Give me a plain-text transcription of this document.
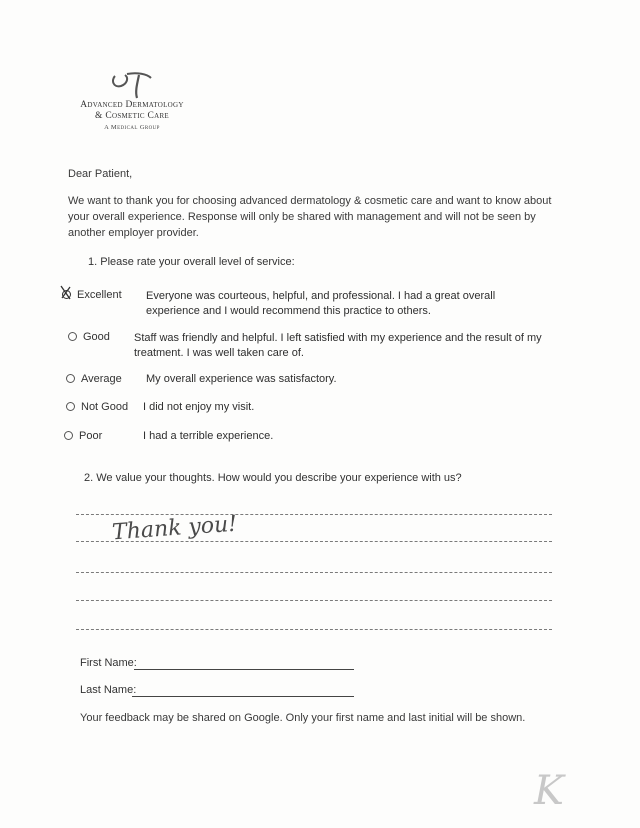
Advanced Dermatology
& Cosmetic Care
A Medical Group
Dear Patient,
We want to thank you for choosing advanced dermatology & cosmetic care and want to know about your overall experience. Response will only be shared with management and will not be seen by another employer provider.
1. Please rate your overall level of service:
Excellent Everyone was courteous, helpful, and professional. I had a great overall experience and I would recommend this practice to others.
Good Staff was friendly and helpful. I left satisfied with my experience and the result of my treatment. I was well taken care of.
Average My overall experience was satisfactory.
Not Good I did not enjoy my visit.
Poor	I had a terrible experience.
2. We value your thoughts. How would you describe your experience with us?
Thank you!
First Name:
Last Name:
Your feedback may be shared on Google. Only your first name and last initial will be shown.
K
